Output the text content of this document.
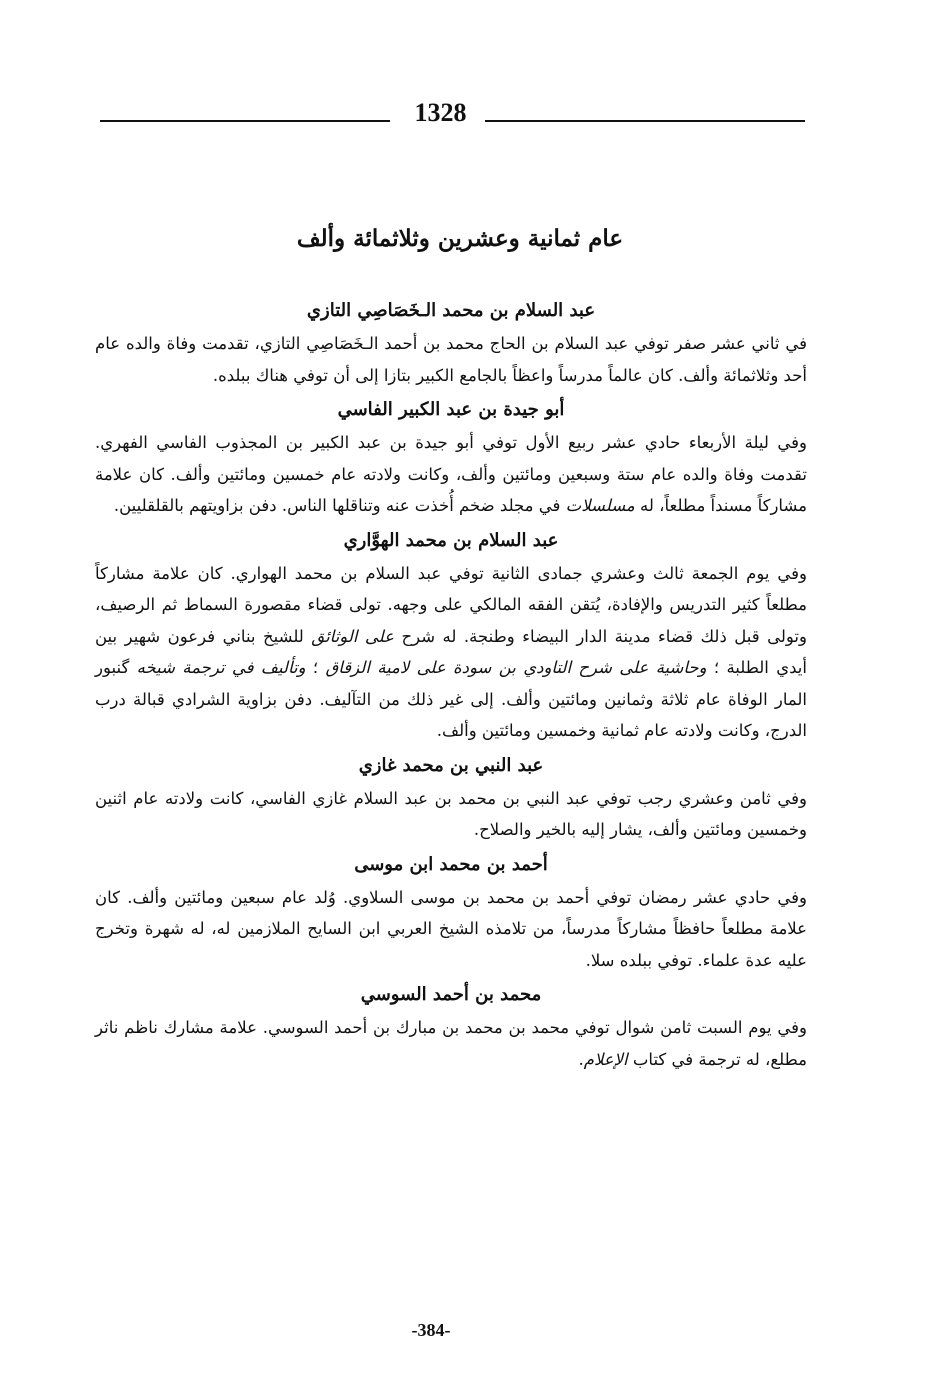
1328
عام ثمانية وعشرين وثلاثمائة وألف
عبد السلام بن محمد الـخَصَاصِي التازي

في ثاني عشر صفر توفي عبد السلام بن الحاج محمد بن أحمد الـخَصَاصِي التازي، تقدمت وفاة والده عام أحد وثلاثمائة وألف. كان عالماً مدرساً واعظاً بالجامع الكبير بتازا إلى أن توفي هناك ببلده.

أبو جيدة بن عبد الكبير الفاسي

وفي ليلة الأربعاء حادي عشر ربيع الأول توفي أبو جيدة بن عبد الكبير بن المجذوب الفاسي الفهري. تقدمت وفاة والده عام ستة وسبعين ومائتين وألف، وكانت ولادته عام خمسين ومائتين وألف. كان علامة مشاركاً مسنداً مطلعاً، له مسلسلات في مجلد ضخم أُخذت عنه وتناقلها الناس. دفن بزاويتهم بالقلقليين.

عبد السلام بن محمد الهوَّاري

وفي يوم الجمعة ثالث وعشري جمادى الثانية توفي عبد السلام بن محمد الهواري. كان علامة مشاركاً مطلعاً كثير التدريس والإفادة، يُتقن الفقه المالكي على وجهه. تولى قضاء مقصورة السماط ثم الرصيف، وتولى قبل ذلك قضاء مدينة الدار البيضاء وطنجة. له شرح على الوثائق للشيخ بناني فرعون شهير بين أيدي الطلبة ؛ وحاشية على شرح التاودي بن سودة على لامية الزقاق ؛ وتأليف في ترجمة شيخه گنبور المار الوفاة عام ثلاثة وثمانين ومائتين وألف. إلى غير ذلك من التآليف. دفن بزاوية الشرادي قبالة درب الدرج، وكانت ولادته عام ثمانية وخمسين ومائتين وألف.

عبد النبي بن محمد غازي

وفي ثامن وعشري رجب توفي عبد النبي بن محمد بن عبد السلام غازي الفاسي، كانت ولادته عام اثنين وخمسين ومائتين وألف، يشار إليه بالخير والصلاح.

أحمد بن محمد ابن موسى

وفي حادي عشر رمضان توفي أحمد بن محمد بن موسى السلاوي. وُلد عام سبعين ومائتين وألف. كان علامة مطلعاً حافظاً مشاركاً مدرساً، من تلامذه الشيخ العربي ابن السايح الملازمين له، له شهرة وتخرج عليه عدة علماء. توفي ببلده سلا.

محمد بن أحمد السوسي

وفي يوم السبت ثامن شوال توفي محمد بن محمد بن مبارك بن أحمد السوسي. علامة مشارك ناظم ناثر مطلع، له ترجمة في كتاب الإعلام.

-384-
